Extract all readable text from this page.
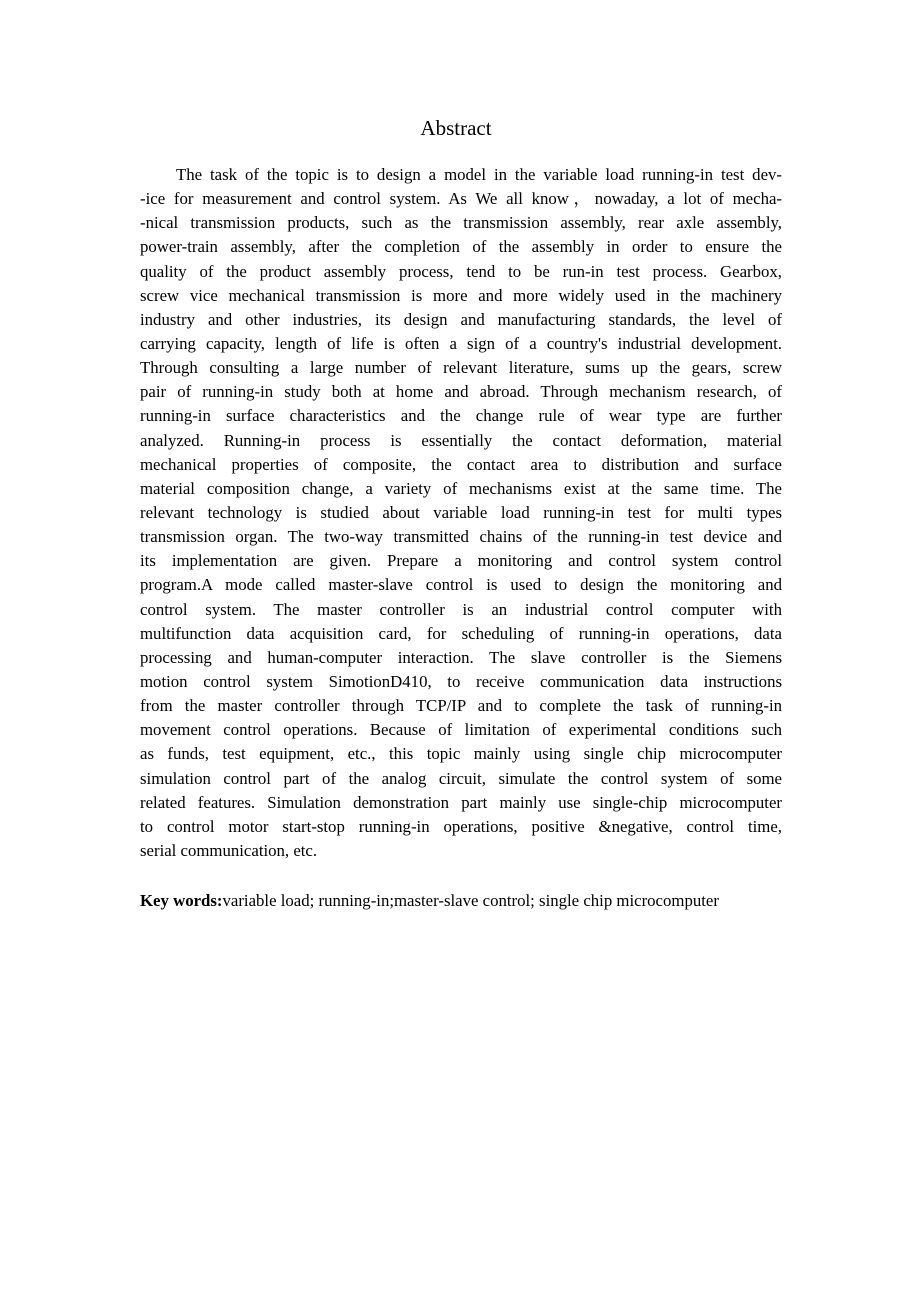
Abstract
The task of the topic is to design a model in the variable load running-in test dev-
-ice for measurement and control system. As We all know，nowaday, a lot of mecha-
-nical transmission products, such as the transmission assembly, rear axle assembly,
power-train assembly, after the completion of the assembly in order to ensure the
quality of the product assembly process, tend to be run-in test process. Gearbox,
screw vice mechanical transmission is more and more widely used in the machinery
industry and other industries, its design and manufacturing standards, the level of
carrying capacity, length of life is often a sign of a country's industrial development.
Through consulting a large number of relevant literature, sums up the gears, screw
pair of running-in study both at home and abroad. Through mechanism research, of
running-in surface characteristics and the change rule of wear type are further
analyzed. Running-in process is essentially the contact deformation, material
mechanical properties of composite, the contact area to distribution and surface
material composition change, a variety of mechanisms exist at the same time. The
relevant technology is studied about variable load running-in test for multi types
transmission organ. The two-way transmitted chains of the running-in test device and
its implementation are given. Prepare a monitoring and control system control
program.A mode called master-slave control is used to design the monitoring and
control system. The master controller is an industrial control computer with
multifunction data acquisition card, for scheduling of running-in operations, data
processing and human-computer interaction. The slave controller is the Siemens
motion control system SimotionD410, to receive communication data instructions
from the master controller through TCP/IP and to complete the task of running-in
movement control operations. Because of limitation of experimental conditions such
as funds, test equipment, etc., this topic mainly using single chip microcomputer
simulation control part of the analog circuit, simulate the control system of some
related features. Simulation demonstration part mainly use single-chip microcomputer
to control motor start-stop running-in operations, positive &negative, control time,
serial communication, etc.

Key words:variable load; running-in;master-slave control; single chip microcomputer
